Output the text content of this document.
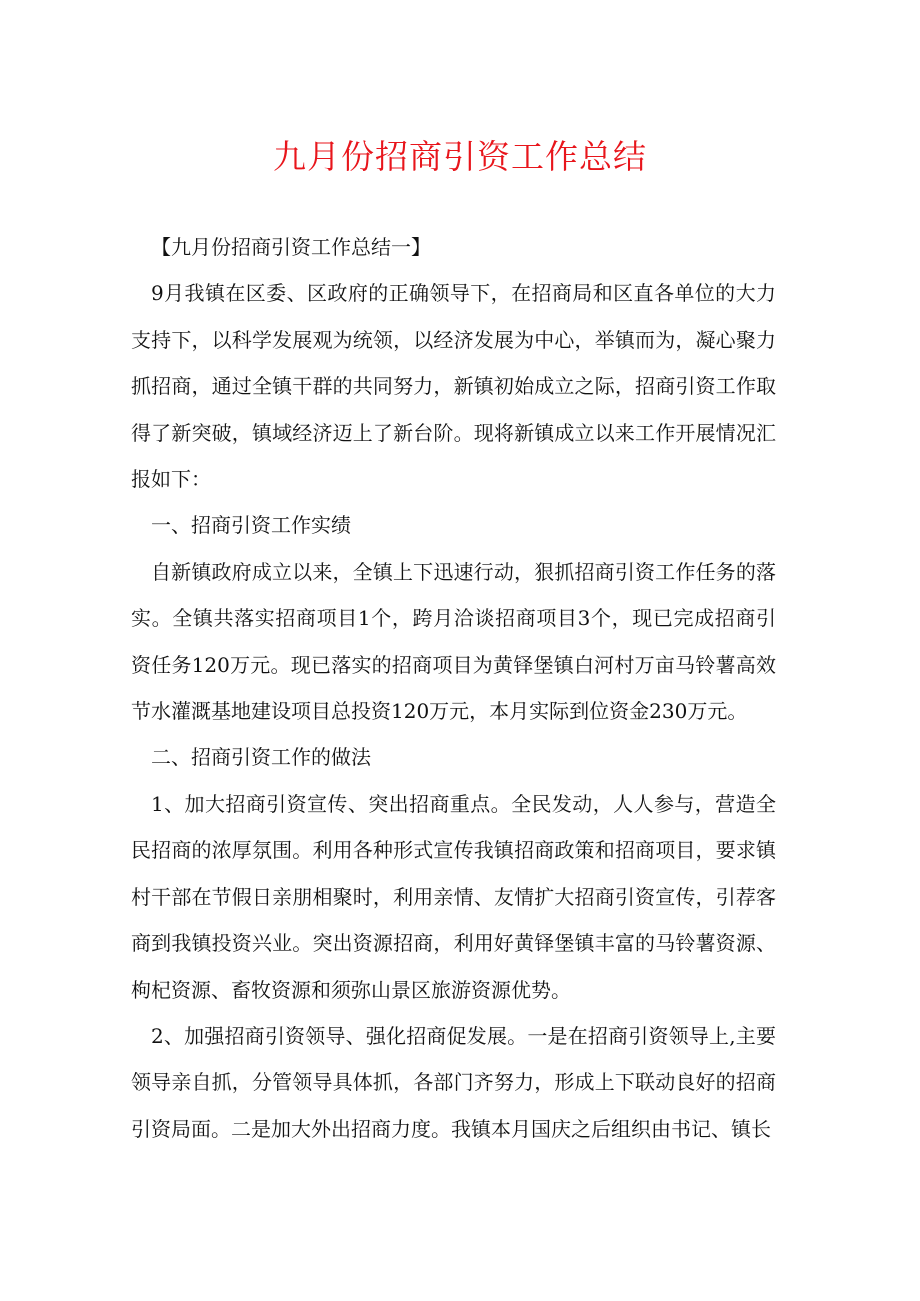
九月份招商引资工作总结

【九月份招商引资工作总结一】

9月我镇在区委、区政府的正确领导下，在招商局和区直各单位的大力支持下，以科学发展观为统领，以经济发展为中心，举镇而为，凝心聚力抓招商，通过全镇干群的共同努力，新镇初始成立之际，招商引资工作取得了新突破，镇域经济迈上了新台阶。现将新镇成立以来工作开展情况汇报如下：

一、招商引资工作实绩

自新镇政府成立以来，全镇上下迅速行动，狠抓招商引资工作任务的落实。全镇共落实招商项目1个，跨月洽谈招商项目3个，现已完成招商引资任务120万元。现已落实的招商项目为黄铎堡镇白河村万亩马铃薯高效节水灌溉基地建设项目总投资120万元，本月实际到位资金230万元。

二、招商引资工作的做法

1、加大招商引资宣传、突出招商重点。全民发动，人人参与，营造全民招商的浓厚氛围。利用各种形式宣传我镇招商政策和招商项目，要求镇村干部在节假日亲朋相聚时，利用亲情、友情扩大招商引资宣传，引荐客商到我镇投资兴业。突出资源招商，利用好黄铎堡镇丰富的马铃薯资源、枸杞资源、畜牧资源和须弥山景区旅游资源优势。

2、加强招商引资领导、强化招商促发展。一是在招商引资领导上,主要领导亲自抓，分管领导具体抓，各部门齐努力，形成上下联动良好的招商引资局面。二是加大外出招商力度。我镇本月国庆之后组织由书记、镇长
